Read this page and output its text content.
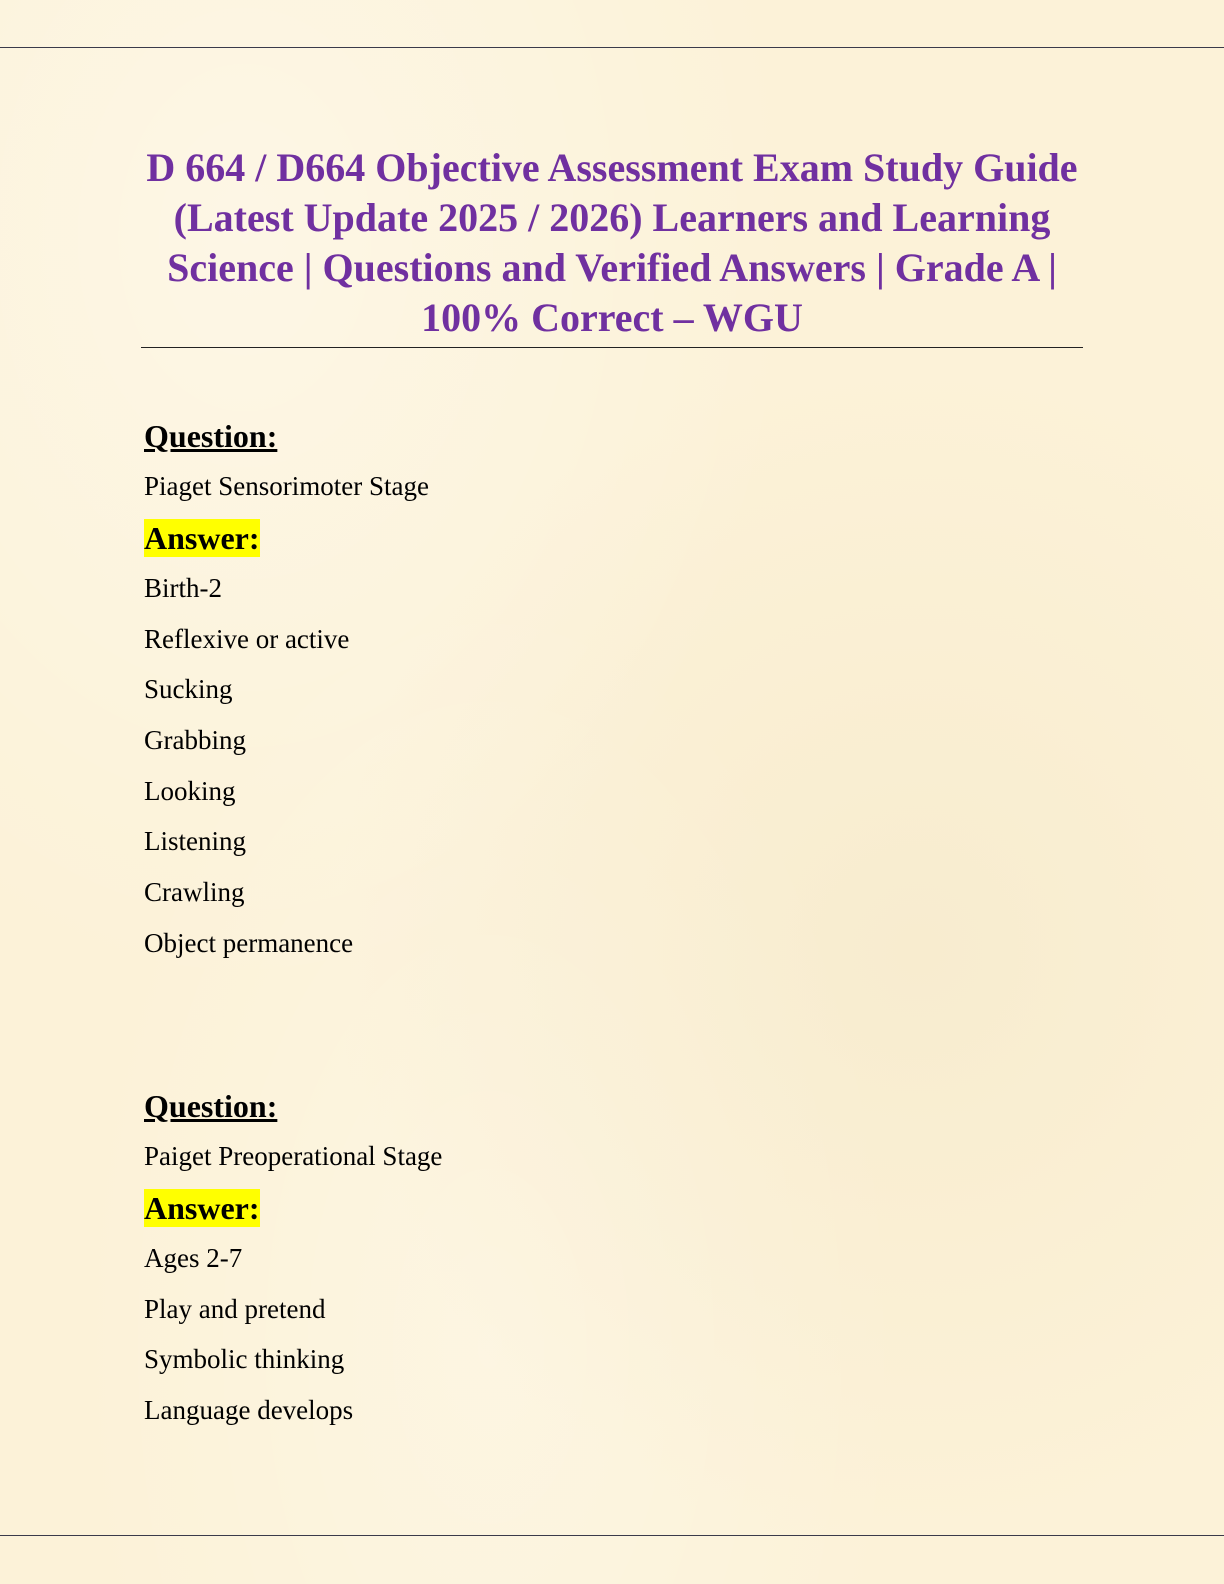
D 664 / D664 Objective Assessment Exam Study Guide (Latest Update 2025 / 2026) Learners and Learning Science | Questions and Verified Answers | Grade A | 100% Correct – WGU
Question:
Piaget Sensorimoter Stage
Answer:
Birth-2
Reflexive or active
Sucking
Grabbing
Looking
Listening
Crawling
Object permanence
Question:
Paiget Preoperational Stage
Answer:
Ages 2-7
Play and pretend
Symbolic thinking
Language develops
